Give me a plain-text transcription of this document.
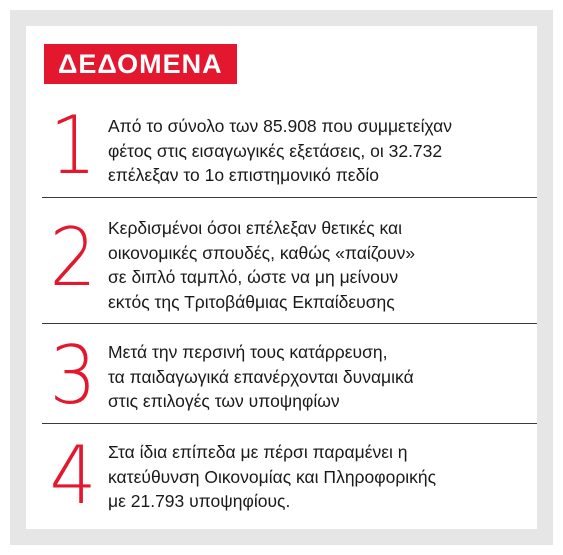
ΔΕΔΟΜΕΝΑ
1 Από το σύνολο των 85.908 που συμμετείχαν
φέτος στις εισαγωγικές εξετάσεις, οι 32.732
επέλεξαν το 1ο επιστημονικό πεδίο
2 Κερδισμένοι όσοι επέλεξαν θετικές και
οικονομικές σπουδές, καθώς «παίζουν»
σε διπλό ταμπλό, ώστε να μη μείνουν
εκτός της Τριτοβάθμιας Εκπαίδευσης
3 Μετά την περσινή τους κατάρρευση,
τα παιδαγωγικά επανέρχονται δυναμικά
στις επιλογές των υποψηφίων
4 Στα ίδια επίπεδα με πέρσι παραμένει η
κατεύθυνση Οικονομίας και Πληροφορικής
με 21.793 υποψηφίους.
